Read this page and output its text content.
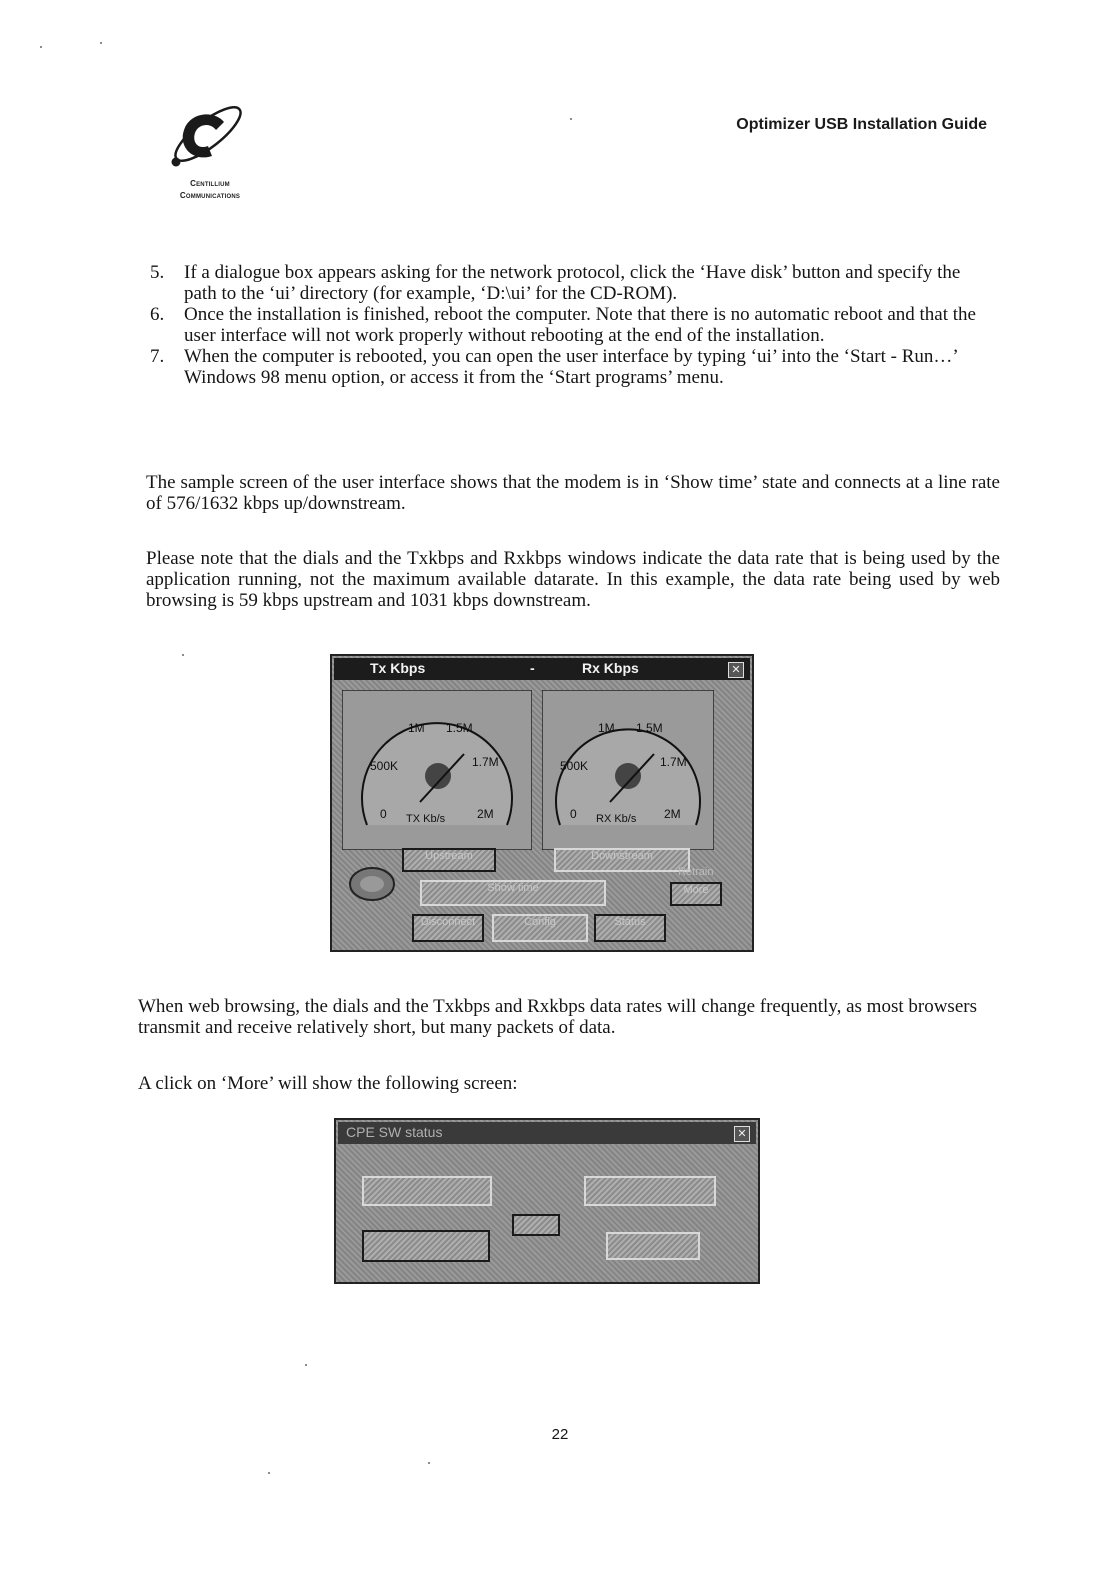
Centillium
Communications
Optimizer USB Installation Guide
5. If a dialogue box appears asking for the network protocol, click the ‘Have disk’ button and specify the path to the ‘ui’ directory (for example, ‘D:\ui’ for the CD-ROM).
6. Once the installation is finished, reboot the computer. Note that there is no automatic reboot and that the user interface will not work properly without rebooting at the end of the installation.
7. When the computer is rebooted, you can open the user interface by typing ‘ui’ into the ‘Start - Run…’ Windows 98 menu option, or access it from the ‘Start programs’ menu.
The sample screen of the user interface shows that the modem is in ‘Show time’ state and connects at a line rate of 576/1632 kbps up/downstream.
Please note that the dials and the Txkbps and Rxkbps windows indicate the data rate that is being used by the application running, not the maximum available datarate. In this example, the data rate being used by web browsing is 59 kbps upstream and 1031 kbps downstream.
Tx Kbps	-	Rx Kbps	✕
1M 1.5M
500K	1.7M
0	2M
TX Kb/s
1M 1.5M
500K	1.7M
0	2M
RX Kb/s
Upstream	Downstream
Show time	More
Disconnect	Config	Status
Retrain
When web browsing, the dials and the Txkbps and Rxkbps data rates will change frequently, as most browsers transmit and receive relatively short, but many packets of data.
A click on ‘More’ will show the following screen:
CPE SW status	✕
22
